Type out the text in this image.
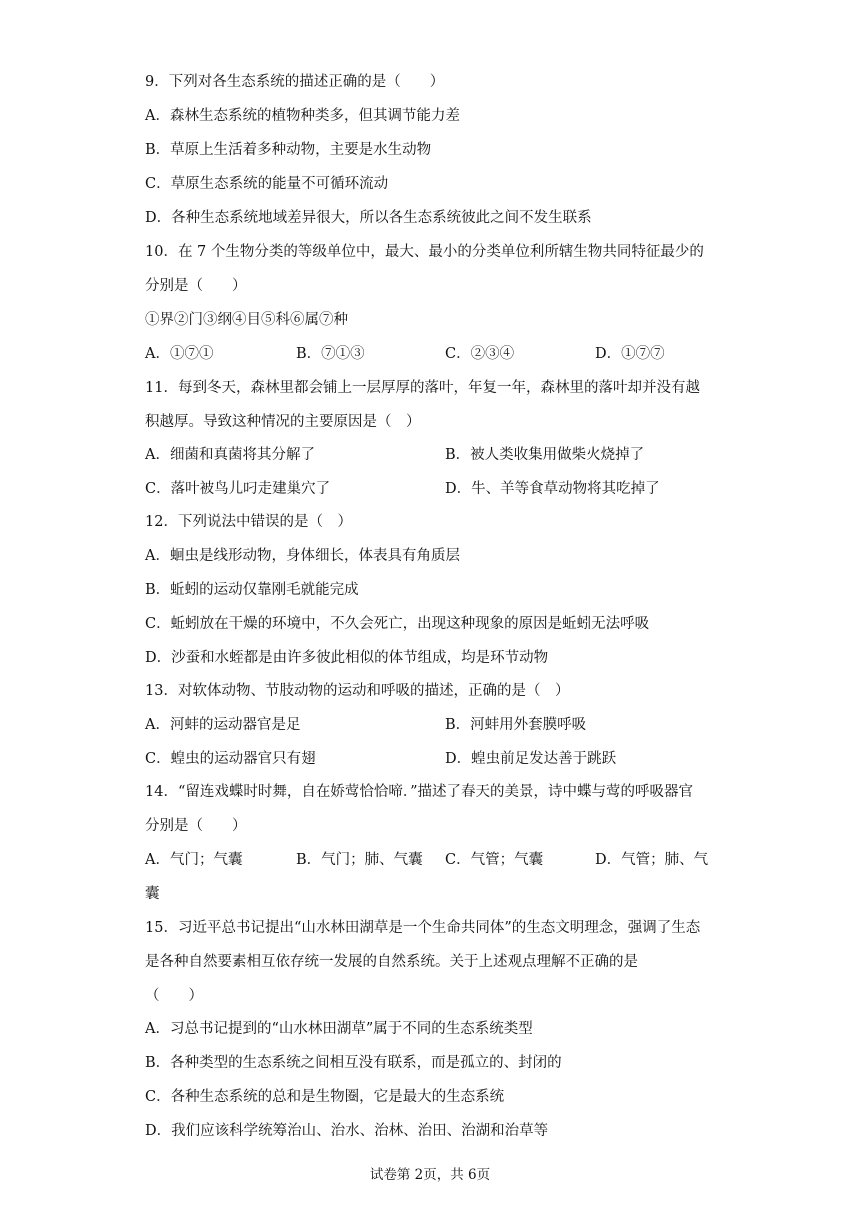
9．下列对各生态系统的描述正确的是（　　）
A．森林生态系统的植物种类多，但其调节能力差
B．草原上生活着多种动物，主要是水生动物
C．草原生态系统的能量不可循环流动
D．各种生态系统地域差异很大，所以各生态系统彼此之间不发生联系
10．在 7 个生物分类的等级单位中，最大、最小的分类单位利所辖生物共同特征最少的
分别是（　　）
①界②门③纲④目⑤科⑥属⑦种
A．①⑦①	B．⑦①③	C．②③④	D．①⑦⑦
11．每到冬天，森林里都会铺上一层厚厚的落叶，年复一年，森林里的落叶却并没有越
积越厚。导致这种情况的主要原因是（　）
A．细菌和真菌将其分解了	B．被人类收集用做柴火烧掉了
C．落叶被鸟儿叼走建巢穴了	D．牛、羊等食草动物将其吃掉了
12．下列说法中错误的是（　）
A．蛔虫是线形动物，身体细长，体表具有角质层
B．蚯蚓的运动仅靠刚毛就能完成
C．蚯蚓放在干燥的环境中，不久会死亡，出现这种现象的原因是蚯蚓无法呼吸
D．沙蚕和水蛭都是由许多彼此相似的体节组成，均是环节动物
13．对软体动物、节肢动物的运动和呼吸的描述，正确的是（　）
A．河蚌的运动器官是足	B．河蚌用外套膜呼吸
C．蝗虫的运动器官只有翅	D．蝗虫前足发达善于跳跃
14．“留连戏蝶时时舞，自在娇莺恰恰啼．”描述了春天的美景，诗中蝶与莺的呼吸器官
分别是（　　）
A．气门；气囊	B．气门；肺、气囊 C．气管；气囊	D．气管；肺、气
囊
15．习近平总书记提出“山水林田湖草是一个生命共同体”的生态文明理念，强调了生态
是各种自然要素相互依存统一发展的自然系统。关于上述观点理解不正确的是
（　　）
A．习总书记提到的“山水林田湖草”属于不同的生态系统类型
B．各种类型的生态系统之间相互没有联系，而是孤立的、封闭的
C．各种生态系统的总和是生物圈，它是最大的生态系统
D．我们应该科学统筹治山、治水、治林、治田、治湖和治草等
试卷第 2页，共 6页
